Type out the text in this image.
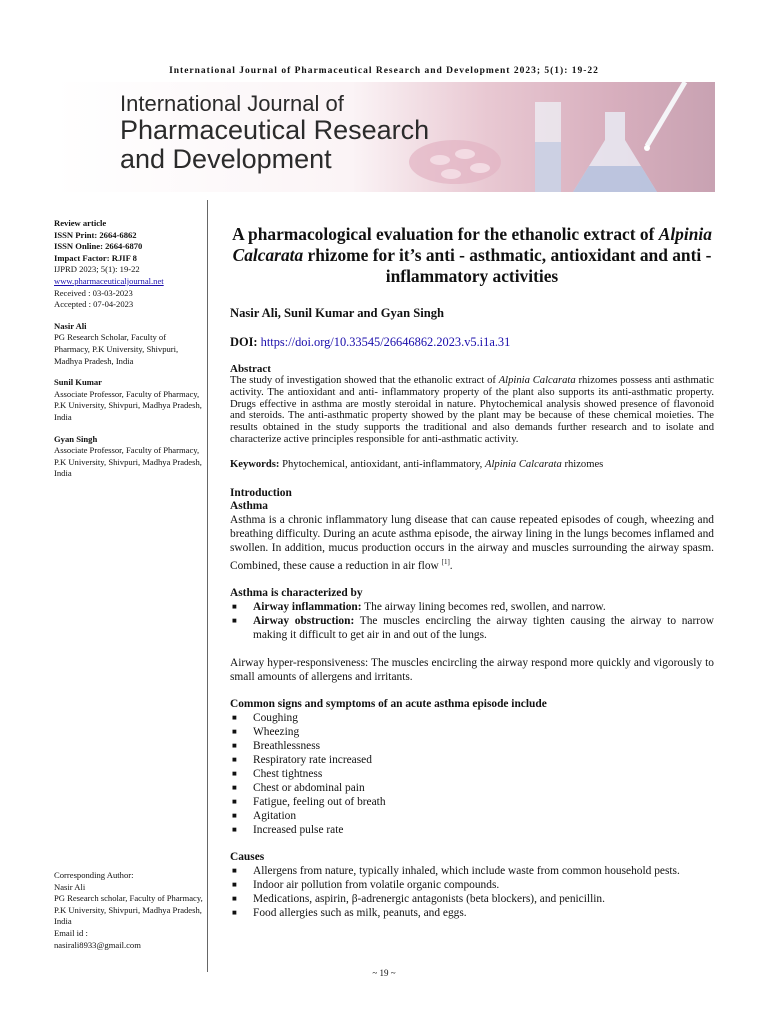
International Journal of Pharmaceutical Research and Development 2023; 5(1): 19-22
International Journal of
Pharmaceutical Research
and Development
Review article
ISSN Print: 2664-6862
ISSN Online: 2664-6870
Impact Factor: RJIF 8
IJPRD 2023; 5(1): 19-22
www.pharmaceuticaljournal.net
Received : 03-03-2023
Accepted : 07-04-2023
Nasir Ali
PG Research Scholar, Faculty of Pharmacy, P.K University, Shivpuri, Madhya Pradesh, India
Sunil Kumar
Associate Professor, Faculty of Pharmacy, P.K University, Shivpuri, Madhya Pradesh, India
Gyan Singh
Associate Professor, Faculty of Pharmacy, P.K University, Shivpuri, Madhya Pradesh, India
Corresponding Author:
Nasir Ali
PG Research scholar, Faculty of Pharmacy, P.K University, Shivpuri, Madhya Pradesh, India
Email id :
nasirali8933@gmail.com
A pharmacological evaluation for the ethanolic extract of Alpinia Calcarata rhizome for it’s anti - asthmatic, antioxidant and anti -inflammatory activities
Nasir Ali, Sunil Kumar and Gyan Singh
DOI: https://doi.org/10.33545/26646862.2023.v5.i1a.31
Abstract

The study of investigation showed that the ethanolic extract of Alpinia Calcarata rhizomes possess anti asthmatic activity. The antioxidant and anti- inflammatory property of the plant also supports its anti-asthmatic property. Drugs effective in asthma are mostly steroidal in nature. Phytochemical analysis showed presence of flavonoid and steroids. The anti-asthmatic property showed by the plant may be because of these chemical moieties. The results obtained in the study supports the traditional and also demands further research and to isolate and characterize active principles responsible for anti-asthmatic activity.

Keywords: Phytochemical, antioxidant, anti-inflammatory, Alpinia Calcarata rhizomes
Introduction
Asthma

Asthma is a chronic inflammatory lung disease that can cause repeated episodes of cough, wheezing and breathing difficulty. During an acute asthma episode, the airway lining in the lungs becomes inflamed and swollen. In addition, mucus production occurs in the airway and muscles surrounding the airway spasm. Combined, these cause a reduction in air flow [1].

Asthma is characterized by
■ Airway inflammation: The airway lining becomes red, swollen, and narrow.
■ Airway obstruction: The muscles encircling the airway tighten causing the airway to narrow making it difficult to get air in and out of the lungs.

Airway hyper-responsiveness: The muscles encircling the airway respond more quickly and vigorously to small amounts of allergens and irritants.

Common signs and symptoms of an acute asthma episode include
■ Coughing
■ Wheezing
■ Breathlessness
■ Respiratory rate increased
■ Chest tightness
■ Chest or abdominal pain
■ Fatigue, feeling out of breath
■ Agitation
■ Increased pulse rate
Causes
■ Allergens from nature, typically inhaled, which include waste from common household pests.
■ Indoor air pollution from volatile organic compounds.
■ Medications, aspirin, β-adrenergic antagonists (beta blockers), and penicillin.
■ Food allergies such as milk, peanuts, and eggs.
~ 19 ~
